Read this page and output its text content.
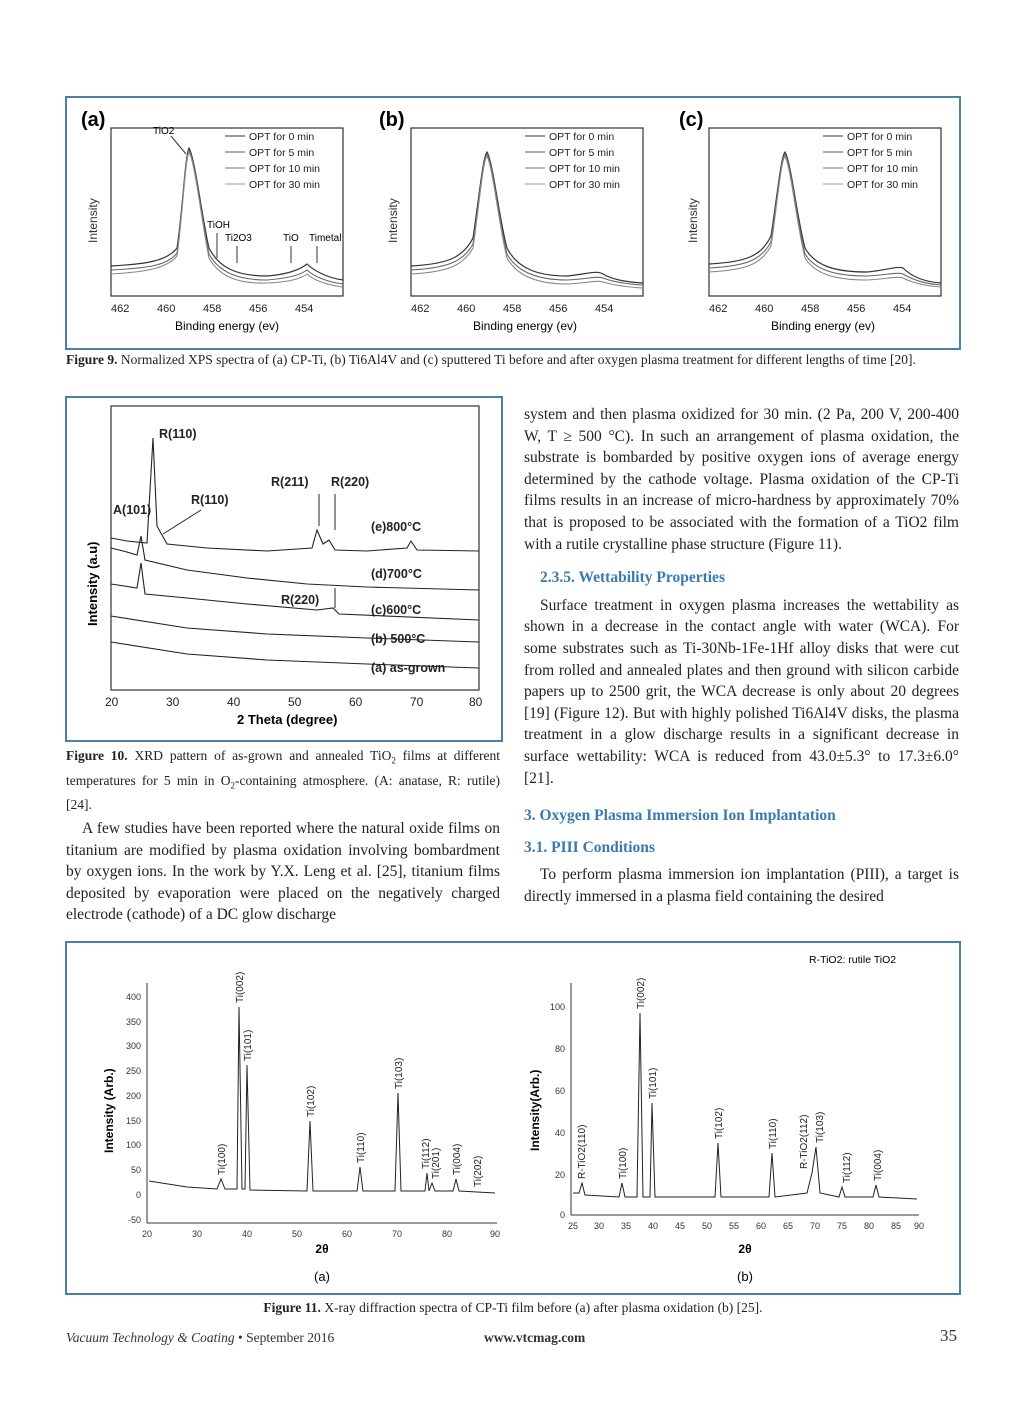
(a)
Intensity
TiO2
TiOH
Ti2O3	TiO Timetal
OPT for 0 min
OPT for 5 min
OPT for 10 min
OPT for 30 min
462	460	458	456	454
Binding energy (ev)
(b)
Intensity
OPT for 0 min
OPT for 5 min
OPT for 10 min
OPT for 30 min
462	460	458	456	454
Binding energy (ev)
(c)
Intensity
OPT for 0 min
OPT for 5 min
OPT for 10 min
OPT for 30 min
462	460	458	456	454
Binding energy (ev)
Figure 9. Normalized XPS spectra of (a) CP-Ti, (b) Ti6Al4V and (c) sputtered Ti before and after oxygen plasma treatment for different lengths of time [20].
Intensity (a.u)
R(110)
R(110)
A(101)
R(211) R(220)
R(220)
(e)800°C
(d)700°C
(c)600°C
(b) 500°C
(a) as-grown
20	30	40	50	60	70	80
2 Theta (degree)
Figure 10. XRD pattern of as-grown and annealed TiO$_2$ films at different temperatures for 5 min in $O_2$-containing atmosphere. (A: anatase, R: rutile) [24].

A few studies have been reported where the natural oxide films on titanium are modified by plasma oxidation involving bombardment by oxygen ions. In the work by Y.X. Leng et al. [25], titanium films deposited by evaporation were placed on the negatively charged electrode (cathode) of a DC glow discharge

system and then plasma oxidized for 30 min. (2 Pa, 200 V, 200-400 W, T ≥ 500 °C). In such an arrangement of plasma oxidation, the substrate is bombarded by positive oxygen ions of average energy determined by the cathode voltage. Plasma oxidation of the CP-Ti films results in an increase of micro-hardness by approximately 70% that is proposed to be associated with the formation of a TiO2 film with a rutile crystalline phase structure (Figure 11).

2.3.5. Wettability Properties

Surface treatment in oxygen plasma increases the wettability as shown in a decrease in the contact angle with water (WCA). For some substrates such as Ti-30Nb-1Fe-1Hf alloy disks that were cut from rolled and annealed plates and then ground with silicon carbide papers up to 2500 grit, the WCA decrease is only about 20 degrees [19] (Figure 12). But with highly polished Ti6Al4V disks, the plasma treatment in a glow discharge results in a significant decrease in surface wettability: WCA is reduced from 43.0±5.3° to 17.3±6.0° [21].

3. Oxygen Plasma Immersion Ion Implantation
3.1. PIII Conditions

To perform plasma immersion ion implantation (PIII), a target is directly immersed in a plasma field containing the desired

Intensity (Arb.)
400
350
300
250
200
150
100
50
0
-50
Ti(100)
Ti(002)
Ti(101)
Ti(102)
Ti(110)
Ti(103)
Ti(112) Ti(201) Ti(004) Ti(202)
20	30	40	50	60	70	80	90
2θ
(a)
Intensity(Arb.)
R-TiO2: rutile TiO2
100
80
60
40
20
0
R-TiO2(110)	Ti(100)
Ti(002)
Ti(101)
Ti(102)	Ti(110) R-TiO2(112) Ti(103)
Ti(112) Ti(004)
25 30 35 40 45 50 55 60 65 70 75 80 85 90
2θ
(b)
Figure 11. X-ray diffraction spectra of CP-Ti film before (a) after plasma oxidation (b) [25].
Vacuum Technology & Coating • September 2016	www.vtcmag.com	35
